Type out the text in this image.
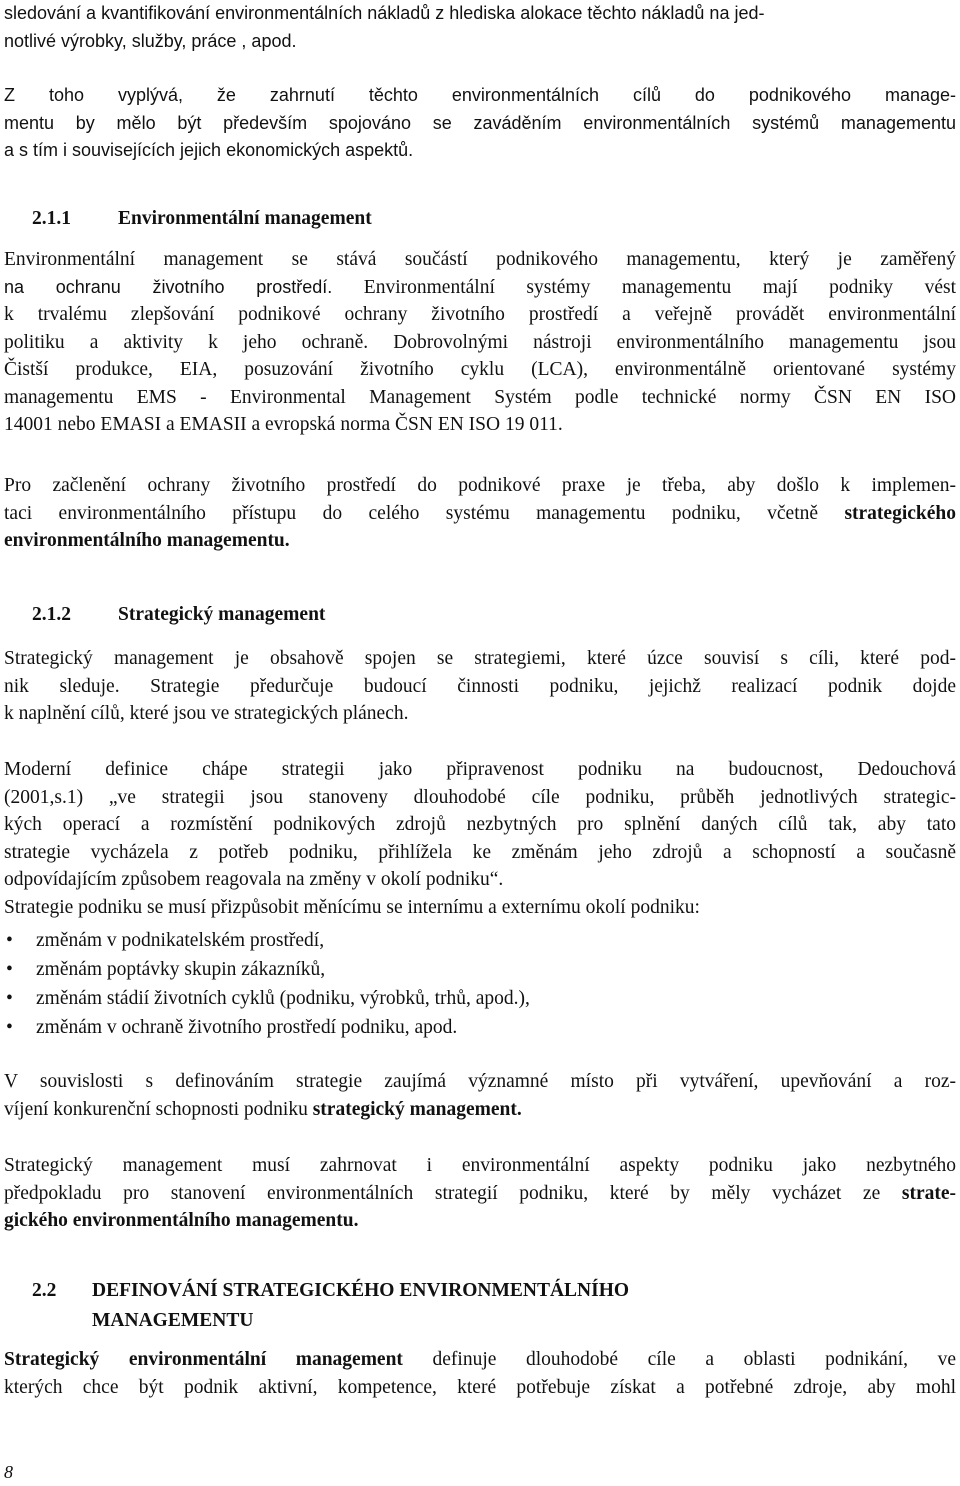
sledování a kvantifikování environmentálních nákladů z hlediska alokace těchto nákladů na jed-

notlivé výrobky, služby, práce , apod.

Z toho vyplývá, že zahrnutí těchto environmentálních cílů do podnikového manage-

mentu by mělo být především spojováno se zaváděním environmentálních systémů managementu

a s tím i souvisejících jejich ekonomických aspektů.

2.1.1	Environmentální management

Environmentální management se stává součástí podnikového managementu, který je zaměřený

na ochranu životního prostředí. Environmentální systémy managementu mají podniky vést

k trvalému zlepšování podnikové ochrany životního prostředí a veřejně provádět environmentální

politiku a aktivity k jeho ochraně. Dobrovolnými nástroji environmentálního managementu jsou

Čistší produkce, EIA, posuzování životního cyklu (LCA), environmentálně orientované systémy

managementu EMS - Environmental Management Systém podle technické normy ČSN EN ISO

14001 nebo EMASI a EMASII a evropská norma ČSN EN ISO 19 011.

Pro začlenění ochrany životního prostředí do podnikové praxe je třeba, aby došlo k implemen-

taci environmentálního přístupu do celého systému managementu podniku, včetně strategického

environmentálního managementu.

2.1.2	Strategický management

Strategický management je obsahově spojen se strategiemi, které úzce souvisí s cíli, které pod-

nik sleduje. Strategie předurčuje budoucí činnosti podniku, jejichž realizací podnik dojde

k naplnění cílů, které jsou ve strategických plánech.

Moderní definice chápe strategii jako připravenost podniku na budoucnost, Dedouchová

(2001,s.1) „ve strategii jsou stanoveny dlouhodobé cíle podniku, průběh jednotlivých strategic-

kých operací a rozmístění podnikových zdrojů nezbytných pro splnění daných cílů tak, aby tato

strategie vycházela z potřeb podniku, přihlížela ke změnám jeho zdrojů a schopností a současně

odpovídajícím způsobem reagovala na změny v okolí podniku“.

Strategie podniku se musí přizpůsobit měnícímu se internímu a externímu okolí podniku:

•	změnám v podnikatelském prostředí,
•	změnám poptávky skupin zákazníků,
•	změnám stádií životních cyklů (podniku, výrobků, trhů, apod.),
•	změnám v ochraně životního prostředí podniku, apod.

V souvislosti s definováním strategie zaujímá významné místo při vytváření, upevňování a roz-

víjení konkurenční schopnosti podniku strategický management.

Strategický management musí zahrnovat i environmentální aspekty podniku jako nezbytného

předpokladu pro stanovení environmentálních strategií podniku, které by měly vycházet ze strate-

gického environmentálního managementu.

2.2	DEFINOVÁNÍ STRATEGICKÉHO ENVIRONMENTÁLNÍHO
MANAGEMENTU

Strategický environmentální management definuje dlouhodobé cíle a oblasti podnikání, ve

kterých chce být podnik aktivní, kompetence, které potřebuje získat a potřebné zdroje, aby mohl

8
